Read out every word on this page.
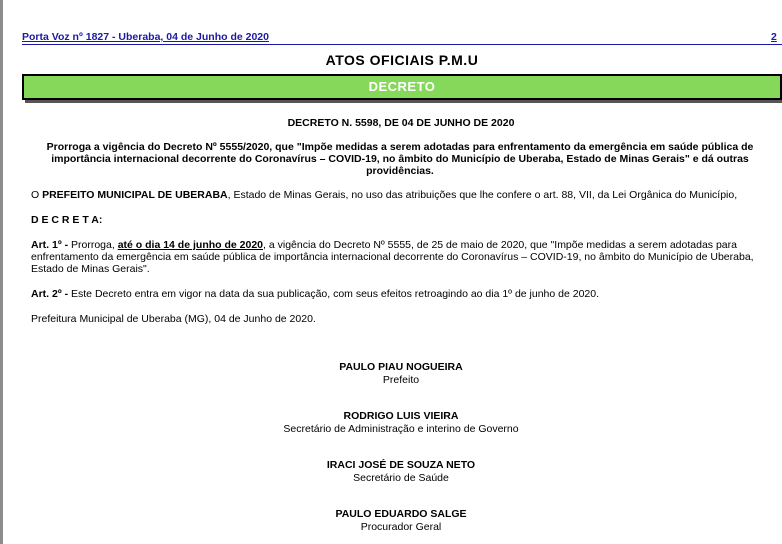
Porta Voz nº 1827 - Uberaba, 04 de Junho de 2020	2
ATOS OFICIAIS P.M.U
DECRETO
DECRETO N. 5598, DE 04 DE JUNHO DE 2020
Prorroga a vigência do Decreto Nº 5555/2020, que "Impõe medidas a serem adotadas para enfrentamento da emergência em saúde pública de importância internacional decorrente do Coronavírus – COVID-19, no âmbito do Município de Uberaba, Estado de Minas Gerais" e dá outras providências.
O PREFEITO MUNICIPAL DE UBERABA, Estado de Minas Gerais, no uso das atribuições que lhe confere o art. 88, VII, da Lei Orgânica do Município,
D E C R E T A:
Art. 1º - Prorroga, até o dia 14 de junho de 2020, a vigência do Decreto Nº 5555, de 25 de maio de 2020, que "Impõe medidas a serem adotadas para enfrentamento da emergência em saúde pública de importância internacional decorrente do Coronavírus – COVID-19, no âmbito do Município de Uberaba, Estado de Minas Gerais".
Art. 2º - Este Decreto entra em vigor na data da sua publicação, com seus efeitos retroagindo ao dia 1º de junho de 2020.
Prefeitura Municipal de Uberaba (MG), 04 de Junho de 2020.
PAULO PIAU NOGUEIRA
Prefeito
RODRIGO LUIS VIEIRA
Secretário de Administração e interino de Governo
IRACI JOSÉ DE SOUZA NETO
Secretário de Saúde
PAULO EDUARDO SALGE
Procurador Geral
